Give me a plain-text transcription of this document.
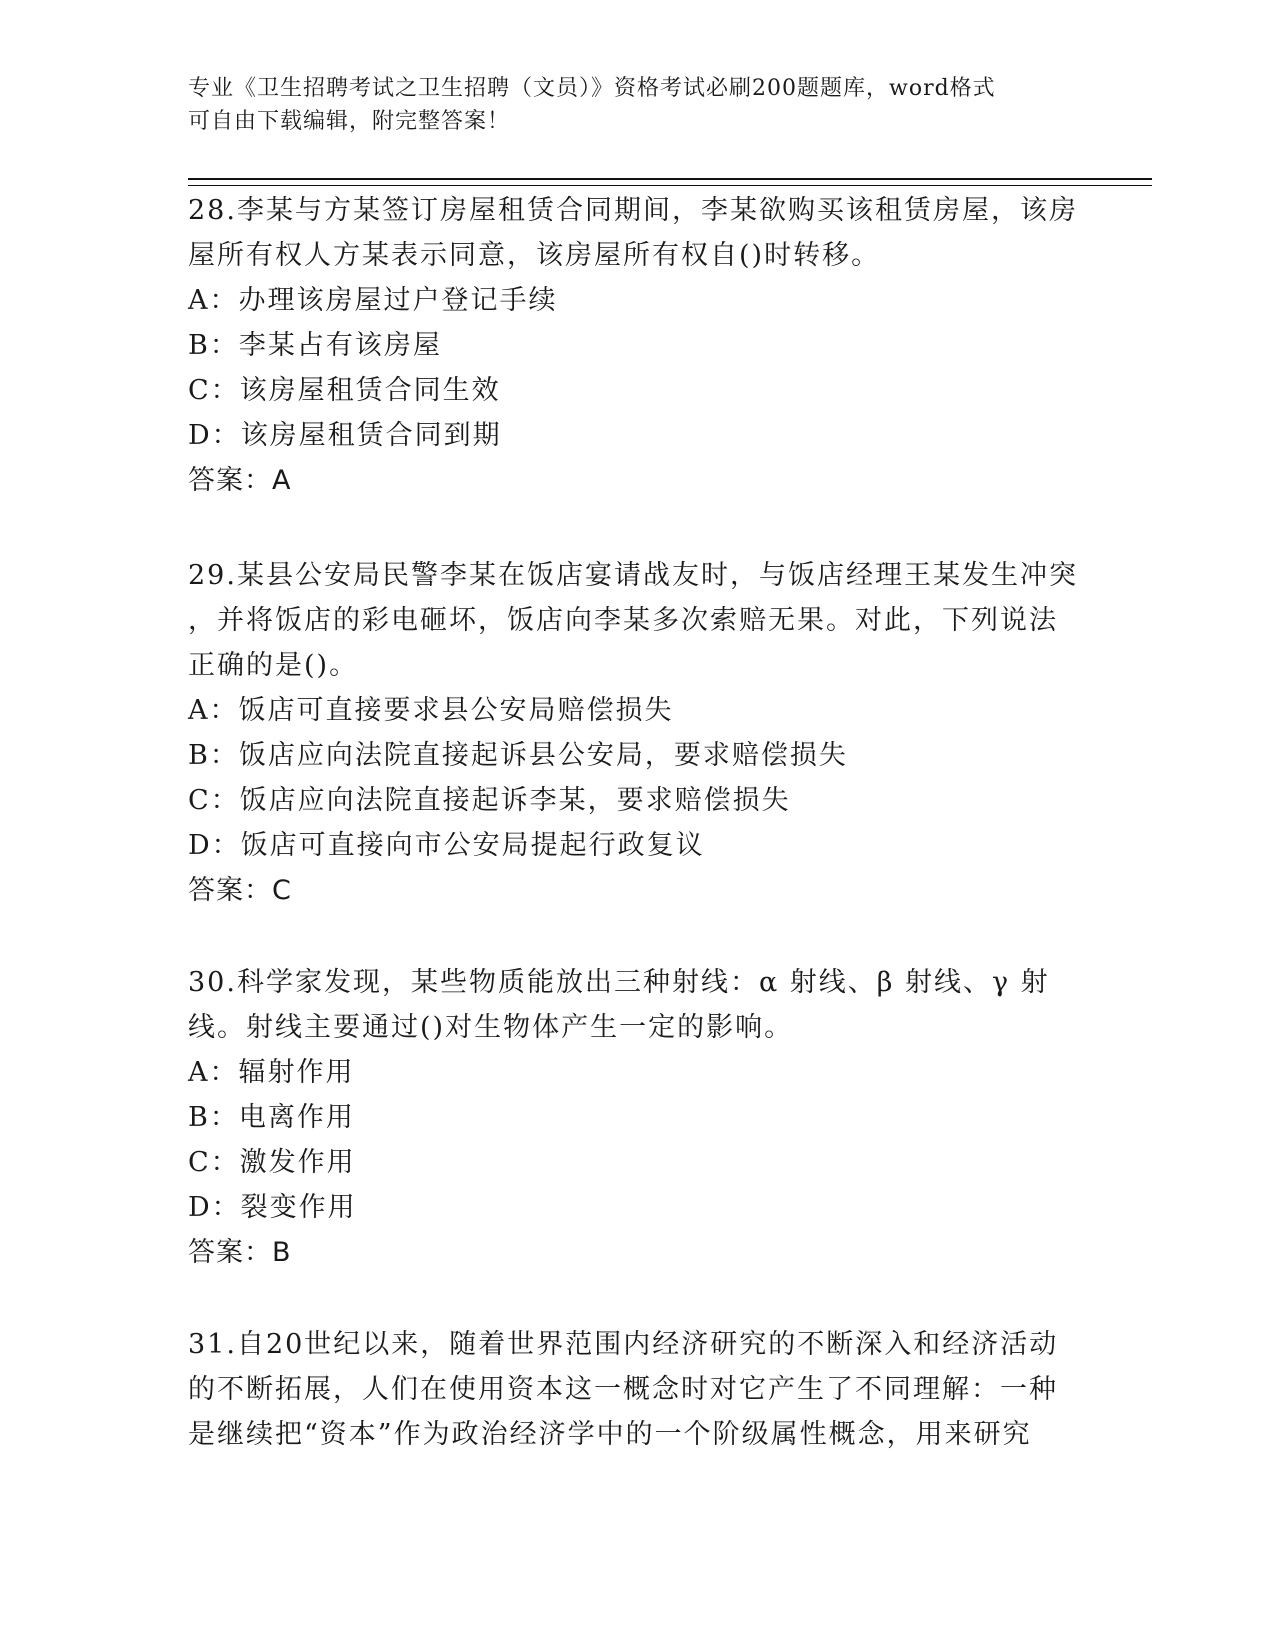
专业《卫生招聘考试之卫生招聘（文员）》资格考试必刷200题题库，word格式
可自由下载编辑，附完整答案！
28.李某与方某签订房屋租赁合同期间，李某欲购买该租赁房屋，该房
屋所有权人方某表示同意，该房屋所有权自()时转移。
A：办理该房屋过户登记手续
B：李某占有该房屋
C：该房屋租赁合同生效
D：该房屋租赁合同到期
答案：A
29.某县公安局民警李某在饭店宴请战友时，与饭店经理王某发生冲突
，并将饭店的彩电砸坏，饭店向李某多次索赔无果。对此，下列说法
正确的是()。
A：饭店可直接要求县公安局赔偿损失
B：饭店应向法院直接起诉县公安局，要求赔偿损失
C：饭店应向法院直接起诉李某，要求赔偿损失
D：饭店可直接向市公安局提起行政复议
答案：C
30.科学家发现，某些物质能放出三种射线：α 射线、β 射线、γ 射
线。射线主要通过()对生物体产生一定的影响。
A：辐射作用
B：电离作用
C：激发作用
D：裂变作用
答案：B
31.自20世纪以来，随着世界范围内经济研究的不断深入和经济活动
的不断拓展，人们在使用资本这一概念时对它产生了不同理解：一种
是继续把“资本”作为政治经济学中的一个阶级属性概念，用来研究
